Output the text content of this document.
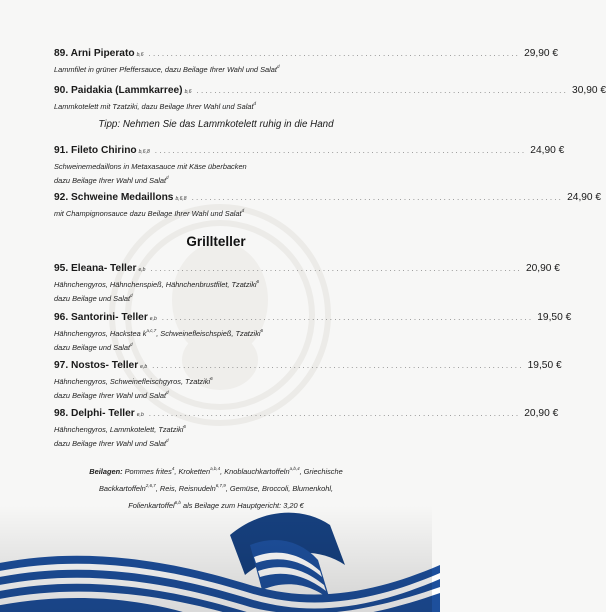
89. Arni Piperato b,6 .................................................................................... 29,90 €
Lammfilet in grüner Pfeffersauce, dazu Beilage Ihrer Wahl und Salat$^d$
90. Paidakia (Lammkarree) b,6 .................................................................................... 30,90 €
Lammkotelett mit Tzatziki, dazu Beilage Ihrer Wahl und Salat$^d$
Tipp: Nehmen Sie das Lammkotelett ruhig in die Hand
91. Fileto Chirino b,6,8 .................................................................................... 24,90 €
Schweinemedaillons in Metaxasauce mit Käse überbacken
dazu Beilage Ihrer Wahl und Salat$^d$
92. Schweine Medaillons b,6,8 .................................................................................... 24,90 €
mit Champignonsauce dazu Beilage Ihrer Wahl und Salat$^d$
Grillteller
95. Eleana- Teller e,b .................................................................................... 20,90 €
Hähnchengyros, Hähnchenspieß, Hähnchenbrustfilet, Tzatziki$^6$
dazu Beilage und Salat$^d$
96. Santorini- Teller e,b .................................................................................... 19,50 €
Hähnchengyros, Hackstea $k^{a,c,7}$, Schweinefleischspieß, Tzatziki$^6$
dazu Beilage und Salat$^d$
97. Nostos- Teller e,b .................................................................................... 19,50 €
Hähnchengyros, Schweinefleischgyros, Tzatziki$^6$
dazu Beilage Ihrer Wahl und Salat$^d$
98. Delphi- Teller e,b .................................................................................... 20,90 €
Hähnchengyros, Lammkotelett, Tzatziki$^6$
dazu Beilage Ihrer Wahl und Salat$^d$
Beilagen: Pommes frites$^4$, Kroketten$^{a,b,4}$, Knoblauchkartoffeln$^{a,b,4}$, Griechische
Backkartoffeln$^{2,6,7}$, Reis, Reisnudeln$^{6,7,9}$, Gemüse, Broccoli, Blumenkohl,
$^{6,b}$
